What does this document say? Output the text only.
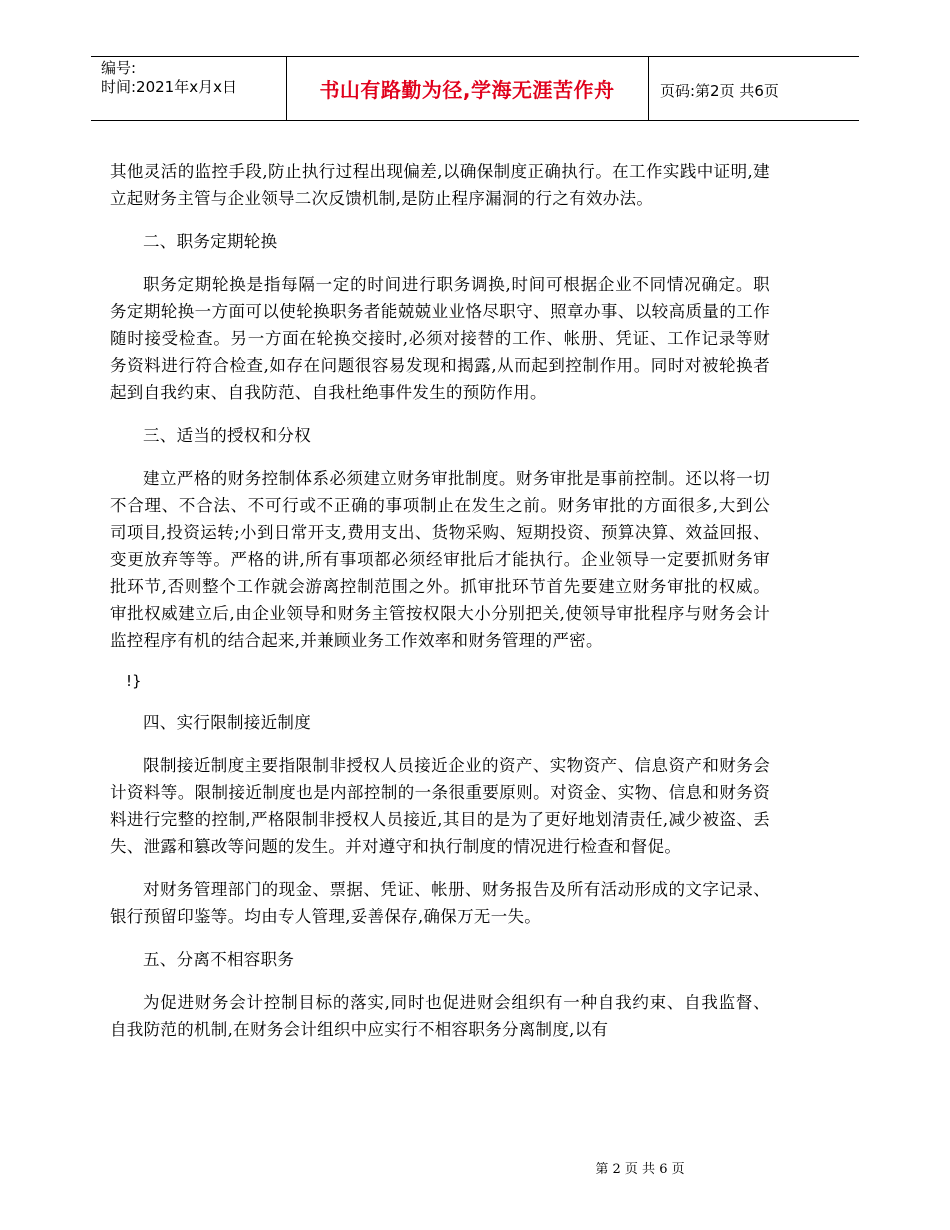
编号:
时间:2021年x月x日	书山有路勤为径,学海无涯苦作舟	页码:第2页 共6页

其他灵活的监控手段,防止执行过程出现偏差,以确保制度正确执行。在工作实践中证明,建立起财务主管与企业领导二次反馈机制,是防止程序漏洞的行之有效办法。

二、职务定期轮换

职务定期轮换是指每隔一定的时间进行职务调换,时间可根据企业不同情况确定。职务定期轮换一方面可以使轮换职务者能兢兢业业恪尽职守、照章办事、以较高质量的工作随时接受检查。另一方面在轮换交接时,必须对接替的工作、帐册、凭证、工作记录等财务资料进行符合检查,如存在问题很容易发现和揭露,从而起到控制作用。同时对被轮换者起到自我约束、自我防范、自我杜绝事件发生的预防作用。

三、适当的授权和分权

建立严格的财务控制体系必须建立财务审批制度。财务审批是事前控制。还以将一切不合理、不合法、不可行或不正确的事项制止在发生之前。财务审批的方面很多,大到公司项目,投资运转;小到日常开支,费用支出、货物采购、短期投资、预算决算、效益回报、变更放弃等等。严格的讲,所有事项都必须经审批后才能执行。企业领导一定要抓财务审批环节,否则整个工作就会游离控制范围之外。抓审批环节首先要建立财务审批的权威。审批权威建立后,由企业领导和财务主管按权限大小分别把关,使领导审批程序与财务会计监控程序有机的结合起来,并兼顾业务工作效率和财务管理的严密。

!}

四、实行限制接近制度

限制接近制度主要指限制非授权人员接近企业的资产、实物资产、信息资产和财务会计资料等。限制接近制度也是内部控制的一条很重要原则。对资金、实物、信息和财务资料进行完整的控制,严格限制非授权人员接近,其目的是为了更好地划清责任,减少被盗、丢失、泄露和篡改等问题的发生。并对遵守和执行制度的情况进行检查和督促。

对财务管理部门的现金、票据、凭证、帐册、财务报告及所有活动形成的文字记录、银行预留印鉴等。均由专人管理,妥善保存,确保万无一失。

五、分离不相容职务

为促进财务会计控制目标的落实,同时也促进财会组织有一种自我约束、自我监督、自我防范的机制,在财务会计组织中应实行不相容职务分离制度,以有

第 2 页 共 6 页
